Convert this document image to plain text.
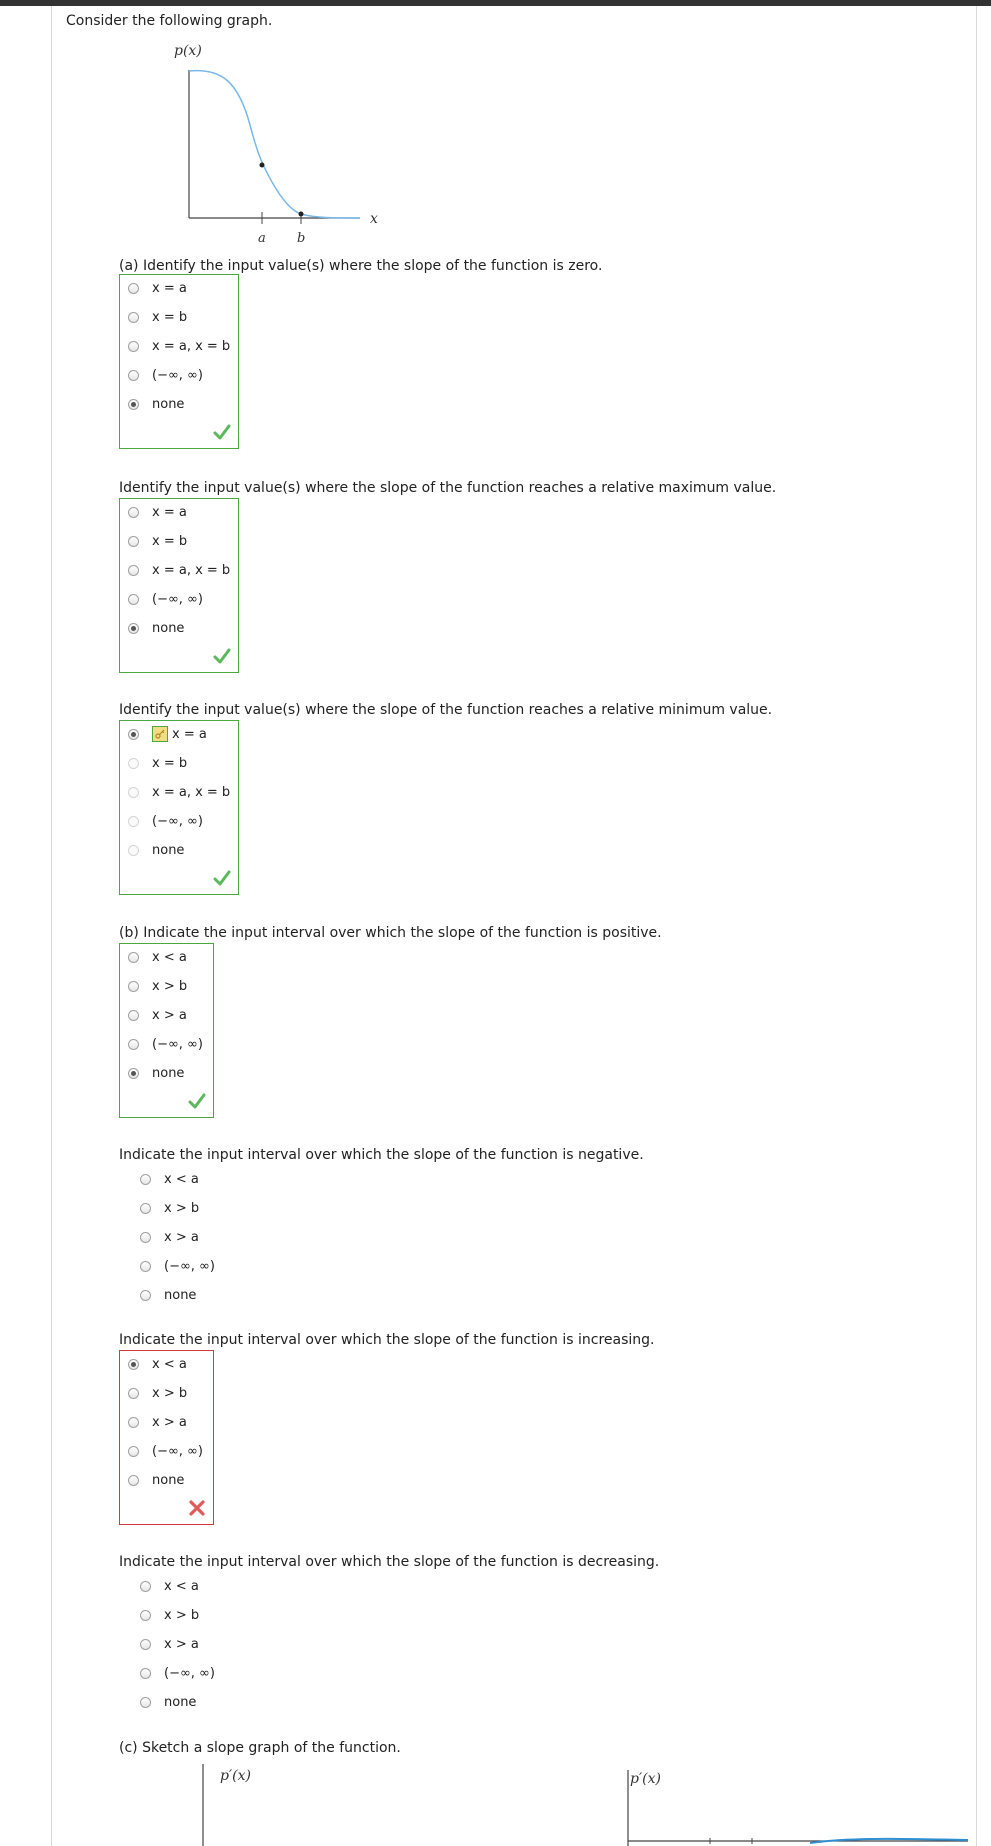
Consider the following graph.
p(x)
x
a b
(a) Identify the input value(s) where the slope of the function is zero.
x = a
x = b
x = a, x = b
(−∞, ∞)
none
Identify the input value(s) where the slope of the function reaches a relative maximum value.
x = a
x = b
x = a, x = b
(−∞, ∞)
none
Identify the input value(s) where the slope of the function reaches a relative minimum value.
x = a
x = b
x = a, x = b
(−∞, ∞)
none
(b) Indicate the input interval over which the slope of the function is positive.
x < a
x > b
x > a
(−∞, ∞)
none
Indicate the input interval over which the slope of the function is negative.
x < a
x > b
x > a
(−∞, ∞)
none
Indicate the input interval over which the slope of the function is increasing.
x < a
x > b
x > a
(−∞, ∞)
none
Indicate the input interval over which the slope of the function is decreasing.
x < a
x > b
x > a
(−∞, ∞)
none
(c) Sketch a slope graph of the function.
p′(x)	p′(x)
